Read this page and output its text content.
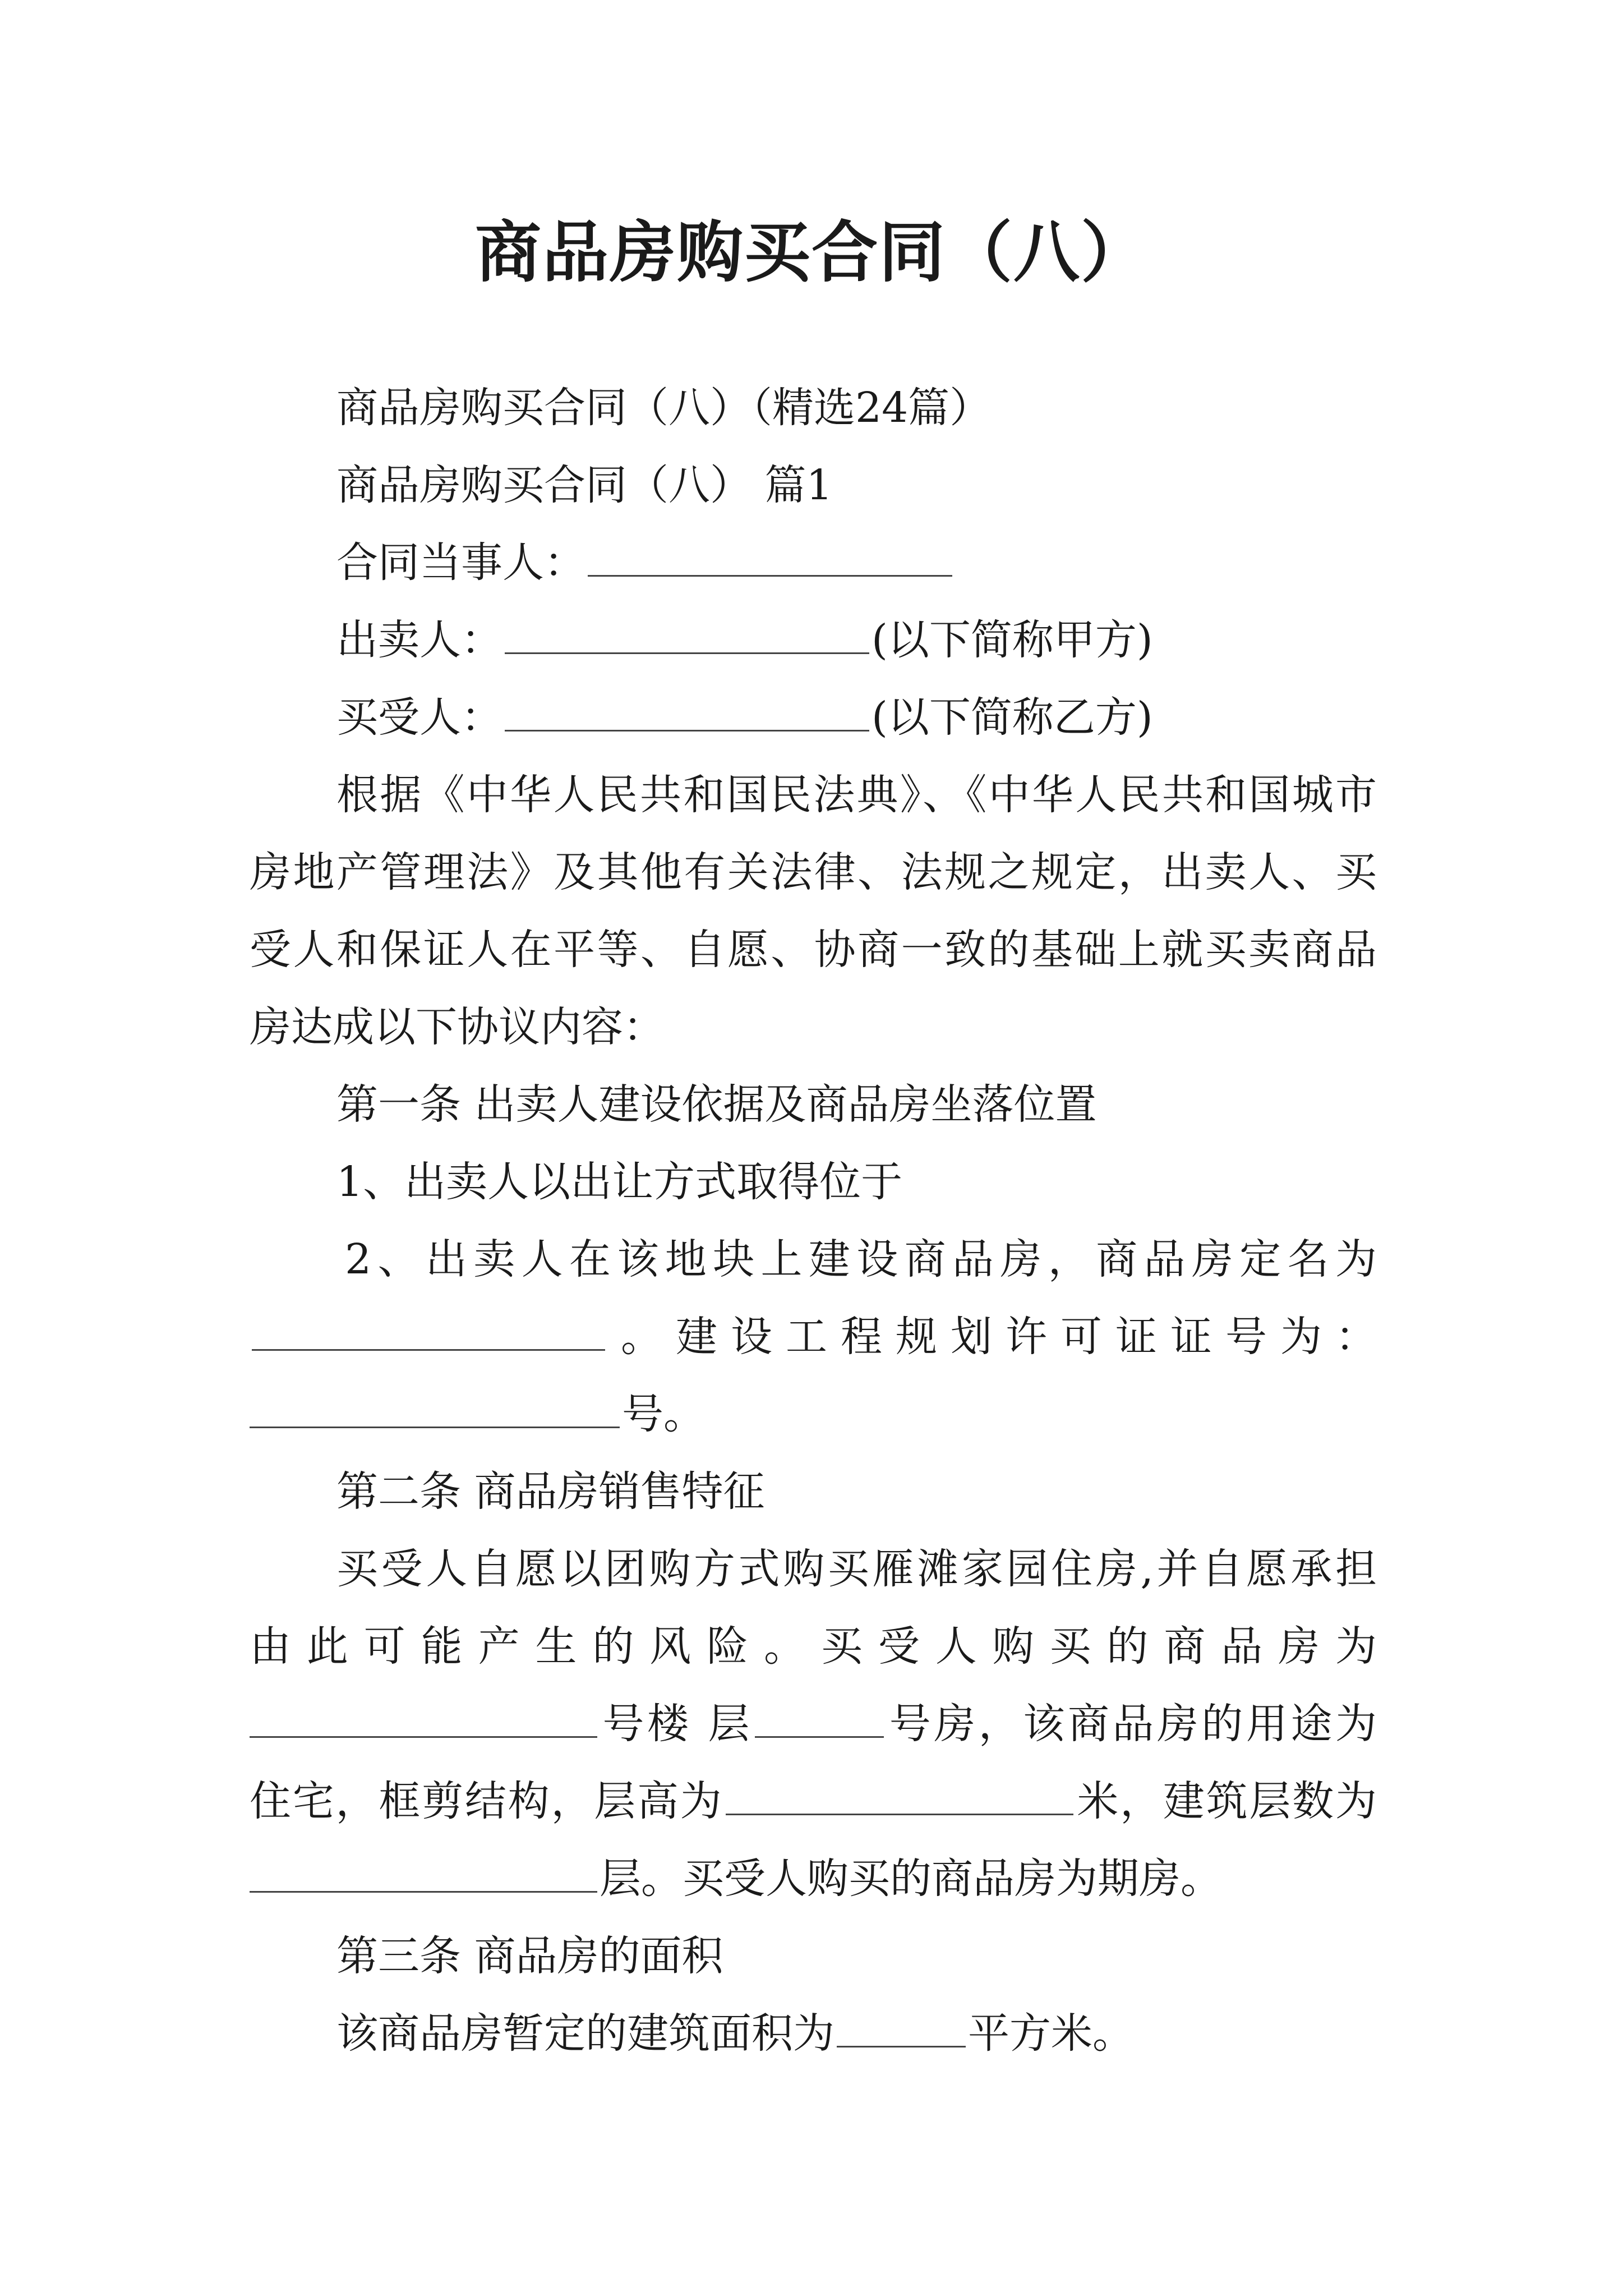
商品房购买合同（八）
商品房购买合同（八）（精选24篇）
商品房购买合同（八） 篇1
合同当事人：
出卖人：	(以下简称甲方)
买受人：	(以下简称乙方)
根据《中华人民共和国民法典》、《中华人民共和国城市
房地产管理法》及其他有关法律、法规之规定，出卖人、买
受人和保证人在平等、自愿、协商一致的基础上就买卖商品
房达成以下协议内容：
第一条 出卖人建设依据及商品房坐落位置
1、出卖人以出让方式取得位于
2、出卖人在该地块上建设商品房，商品房定名为
。建设工程规划许可证证号为：
号。
第二条 商品房销售特征
买受人自愿以团购方式购买雁滩家园住房,并自愿承担
由此可能产生的风险。买受人购买的商品房为
号楼 层	号房，该商品房的用途为
住宅，框剪结构，层高为	米，建筑层数为
层。买受人购买的商品房为期房。
第三条 商品房的面积
该商品房暂定的建筑面积为	平方米。
